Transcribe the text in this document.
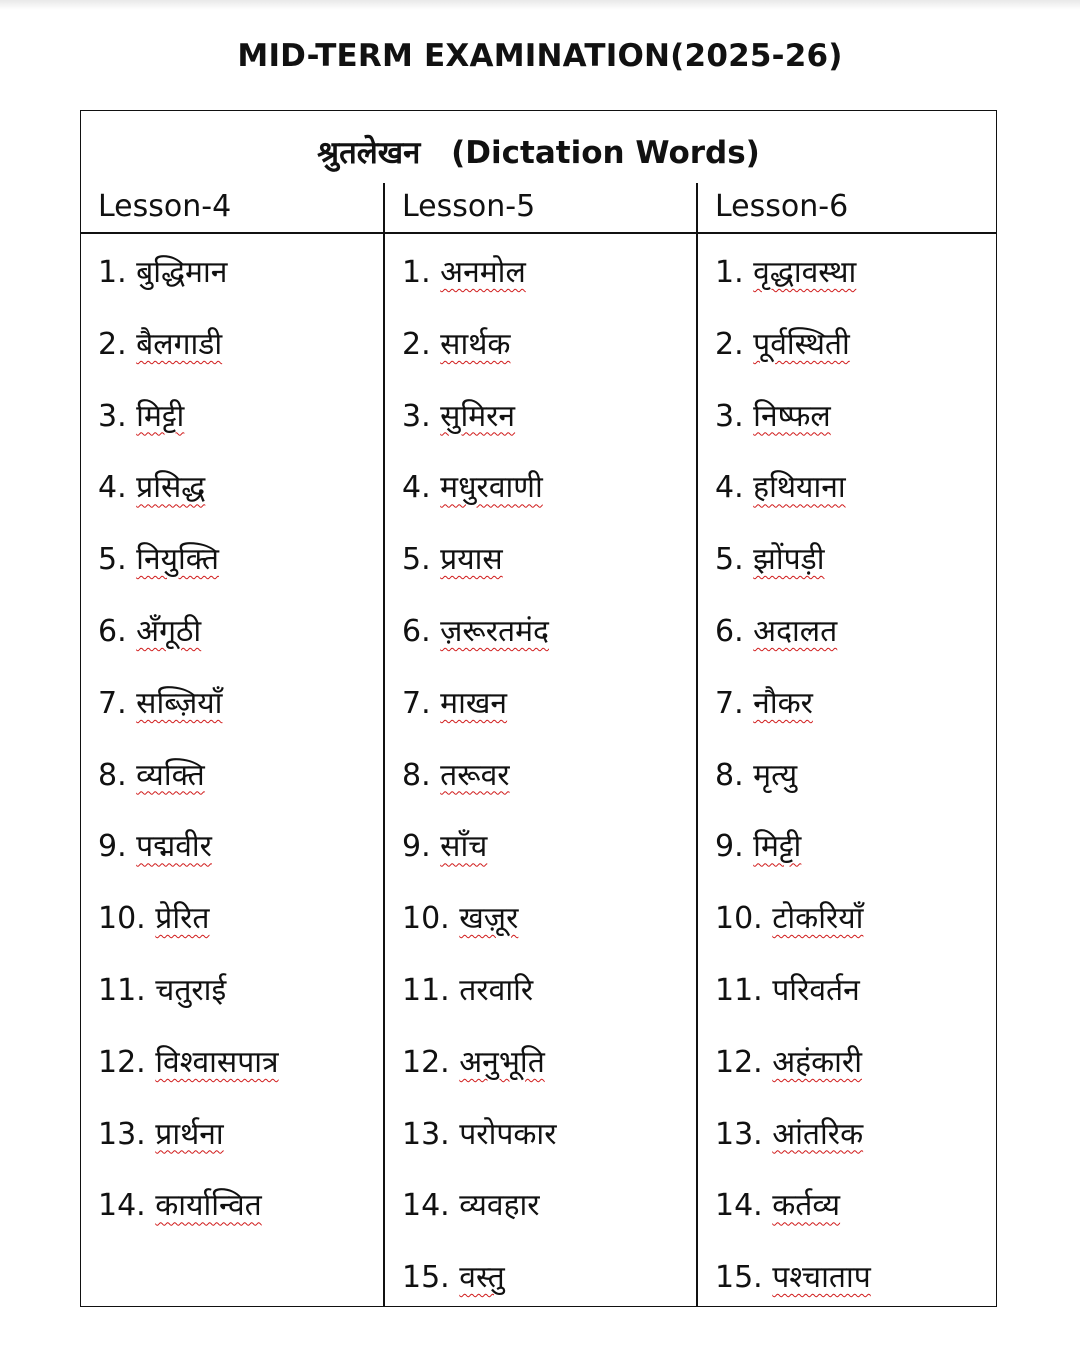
MID-TERM EXAMINATION(2025-26)
श्रुतलेखन (Dictation Words)
Lesson-4
1. बुद्धिमान
2. बैलगाडी
3. मिट्टी
4. प्रसिद्ध
5. नियुक्ति
6. अँगूठी
7. सब्ज़ियाँ
8. व्यक्ति
9. पद्मवीर
10. प्रेरित
11. चतुराई
12. विश्वासपात्र
13. प्रार्थना
14. कार्यान्वित
Lesson-5
1. अनमोल
2. सार्थक
3. सुमिरन
4. मधुरवाणी
5. प्रयास
6. ज़रूरतमंद
7. माखन
8. तरूवर
9. साँच
10. खज़ूर
11. तरवारि
12. अनुभूति
13. परोपकार
14. व्यवहार
15. वस्तु
Lesson-6
1. वृद्धावस्था
2. पूर्वस्थिती
3. निष्फल
4. हथियाना
5. झोंपड़ी
6. अदालत
7. नौकर
8. मृत्यु
9. मिट्टी
10. टोकरियाँ
11. परिवर्तन
12. अहंकारी
13. आंतरिक
14. कर्तव्य
15. पश्चाताप
